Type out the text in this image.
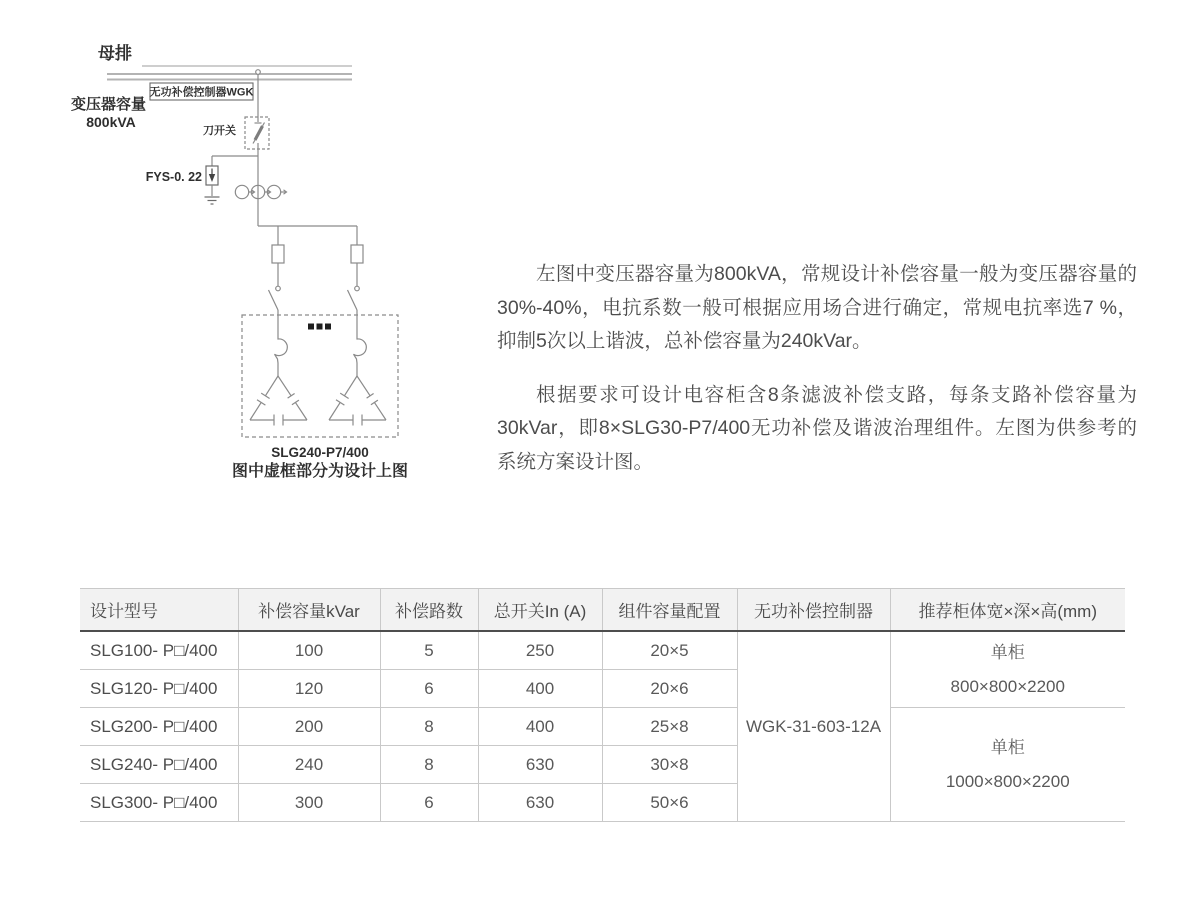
母排
无功补偿控制器WGK
变压器容量
800kVA
刀开关
FYS-0. 22
SLG240-P7/400
图中虚框部分为设计上图

左图中变压器容量为800kVA，常规设计补偿容量一般为变压器容量的30%-40%，电抗系数一般可根据应用场合进行确定，常规电抗率选7 %，抑制5次以上谐波，总补偿容量为240kVar。

根据要求可设计电容柜含8条滤波补偿支路，每条支路补偿容量为30kVar，即8×SLG30-P7/400无功补偿及谐波治理组件。左图为供参考的系统方案设计图。

设计型号	补偿容量kVar	补偿路数	总开关In (A)	组件容量配置	无功补偿控制器	推荐柜体宽×深×高(mm)
SLG100- P□/400	100	5	250	20×5	WGK-31-603-12A	单柜
800×800×2200

SLG120- P□/400	120	6	400	20×6		
SLG200- P□/400	200	8	400	25×8		单柜
1000×800×2200

SLG240- P□/400	240	8	630	30×8		
SLG300- P□/400	300	6	630	50×6		
